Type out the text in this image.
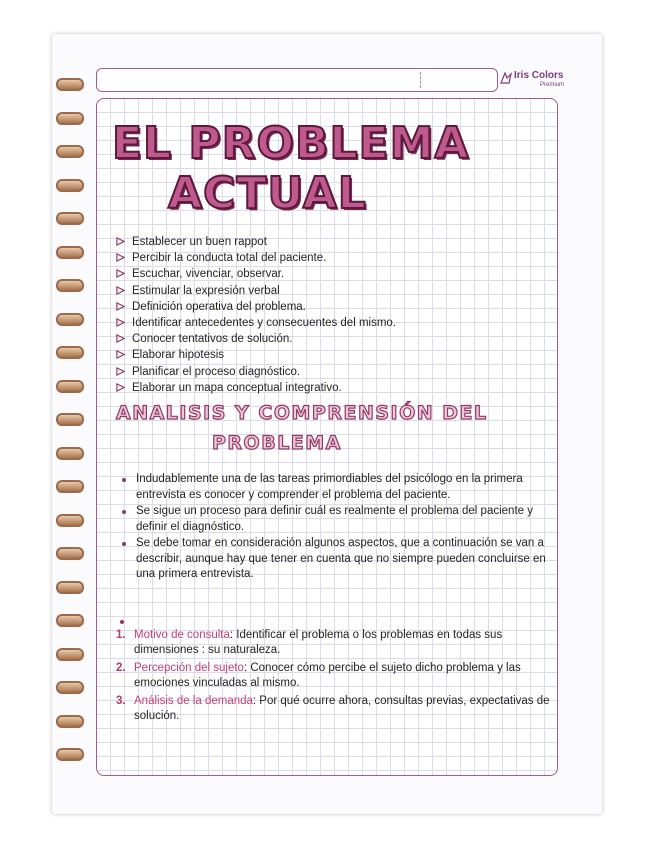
Iris Colors
Premium
EL PROBLEMA
ACTUAL
Establecer un buen rappot
Percibir la conducta total del paciente.
Escuchar, vivenciar, observar.
Estimular la expresión verbal
Definición operativa del problema.
Identificar antecedentes y consecuentes del mismo.
Conocer tentativos de solución.
Elaborar hipotesis
Planificar el proceso diagnóstico.
Elaborar un mapa conceptual integrativo.
ANALISIS Y COMPRENSIÓN DEL
PROBLEMA
Indudablemente una de las tareas primordiables del psicólogo en la primera entrevista es conocer y comprender el problema del paciente.
Se sigue un proceso para definir cuál es realmente el problema del paciente y definir el diagnóstico.
Se debe tomar en consideración algunos aspectos, que a continuación se van a describir, aunque hay que tener en cuenta que no siempre pueden concluirse en una primera entrevista.
1. Motivo de consulta: Identificar el problema o los problemas en todas sus dimensiones : su naturaleza.
2. Percepción del sujeto: Conocer cómo percibe el sujeto dicho problema y las emociones vinculadas al mismo.
3. Análisis de la demanda: Por qué ocurre ahora, consultas previas, expectativas de solución.
